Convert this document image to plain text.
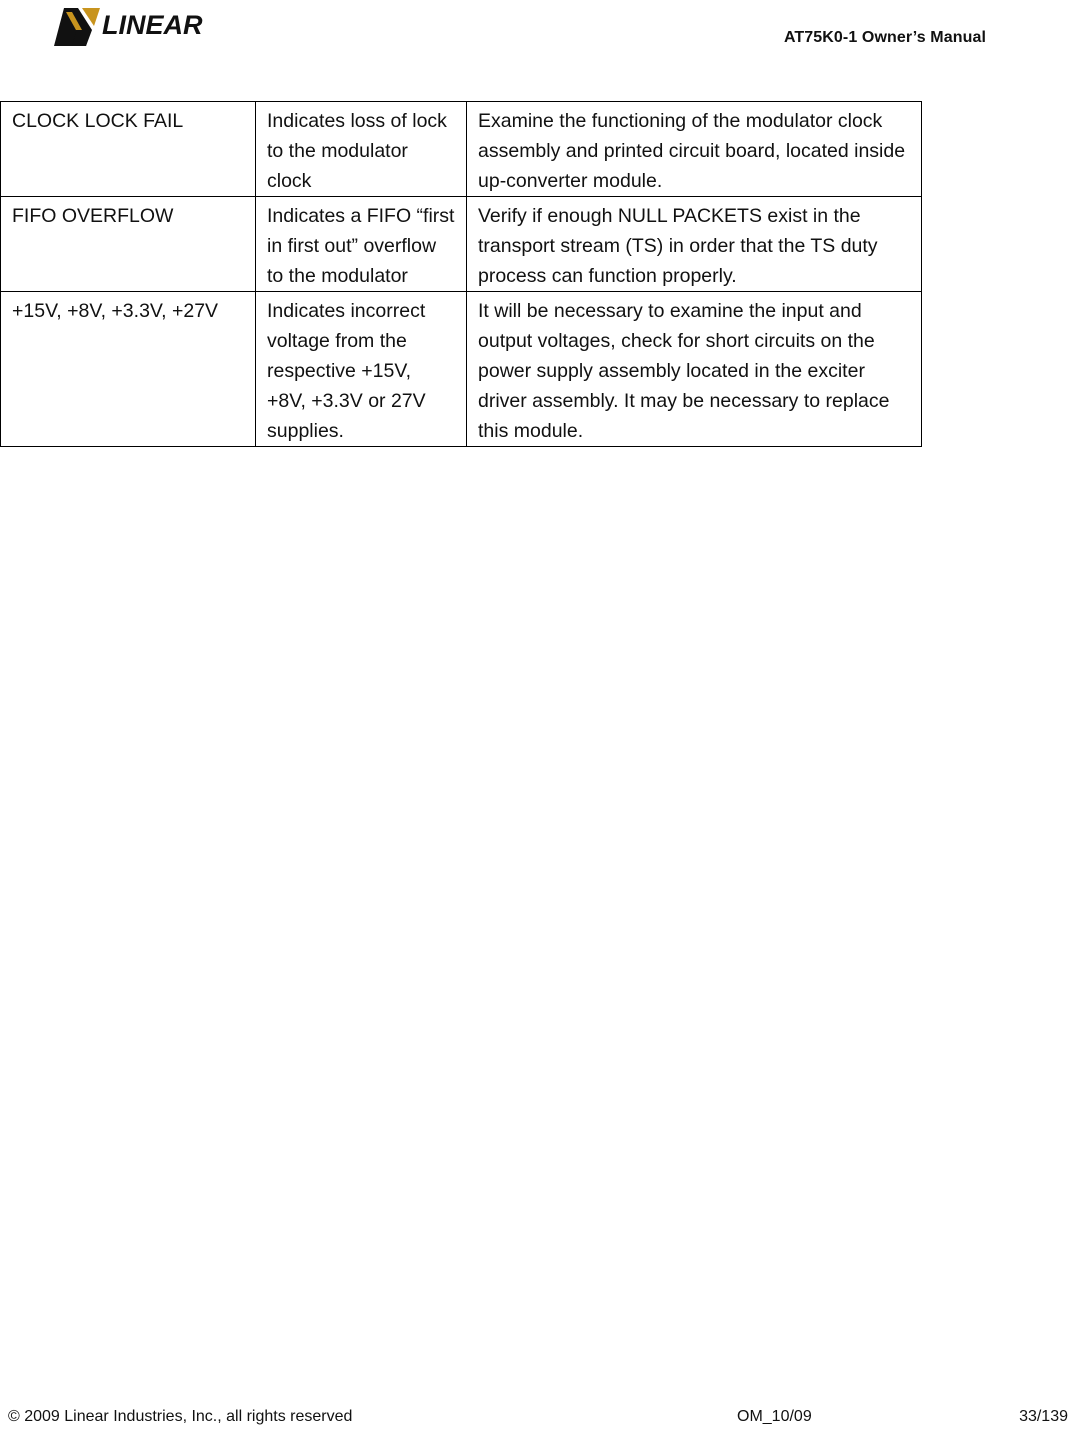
LINEAR	AT75K0-1 Owner’s Manual
CLOCK LOCK FAIL	Indicates loss of lock to the modulator clock	Examine the functioning of the modulator clock assembly and printed circuit board, located inside up-converter module.
FIFO OVERFLOW	Indicates a FIFO “first in first out” overflow to the modulator	Verify if enough NULL PACKETS exist in the transport stream (TS) in order that the TS duty process can function properly.
+15V, +8V, +3.3V, +27V	Indicates incorrect voltage from the respective +15V, +8V, +3.3V or 27V supplies.	It will be necessary to examine the input and output voltages, check for short circuits on the power supply assembly located in the exciter driver assembly. It may be necessary to replace this module.
© 2009 Linear Industries, Inc., all rights reserved	OM_10/09	33/139
